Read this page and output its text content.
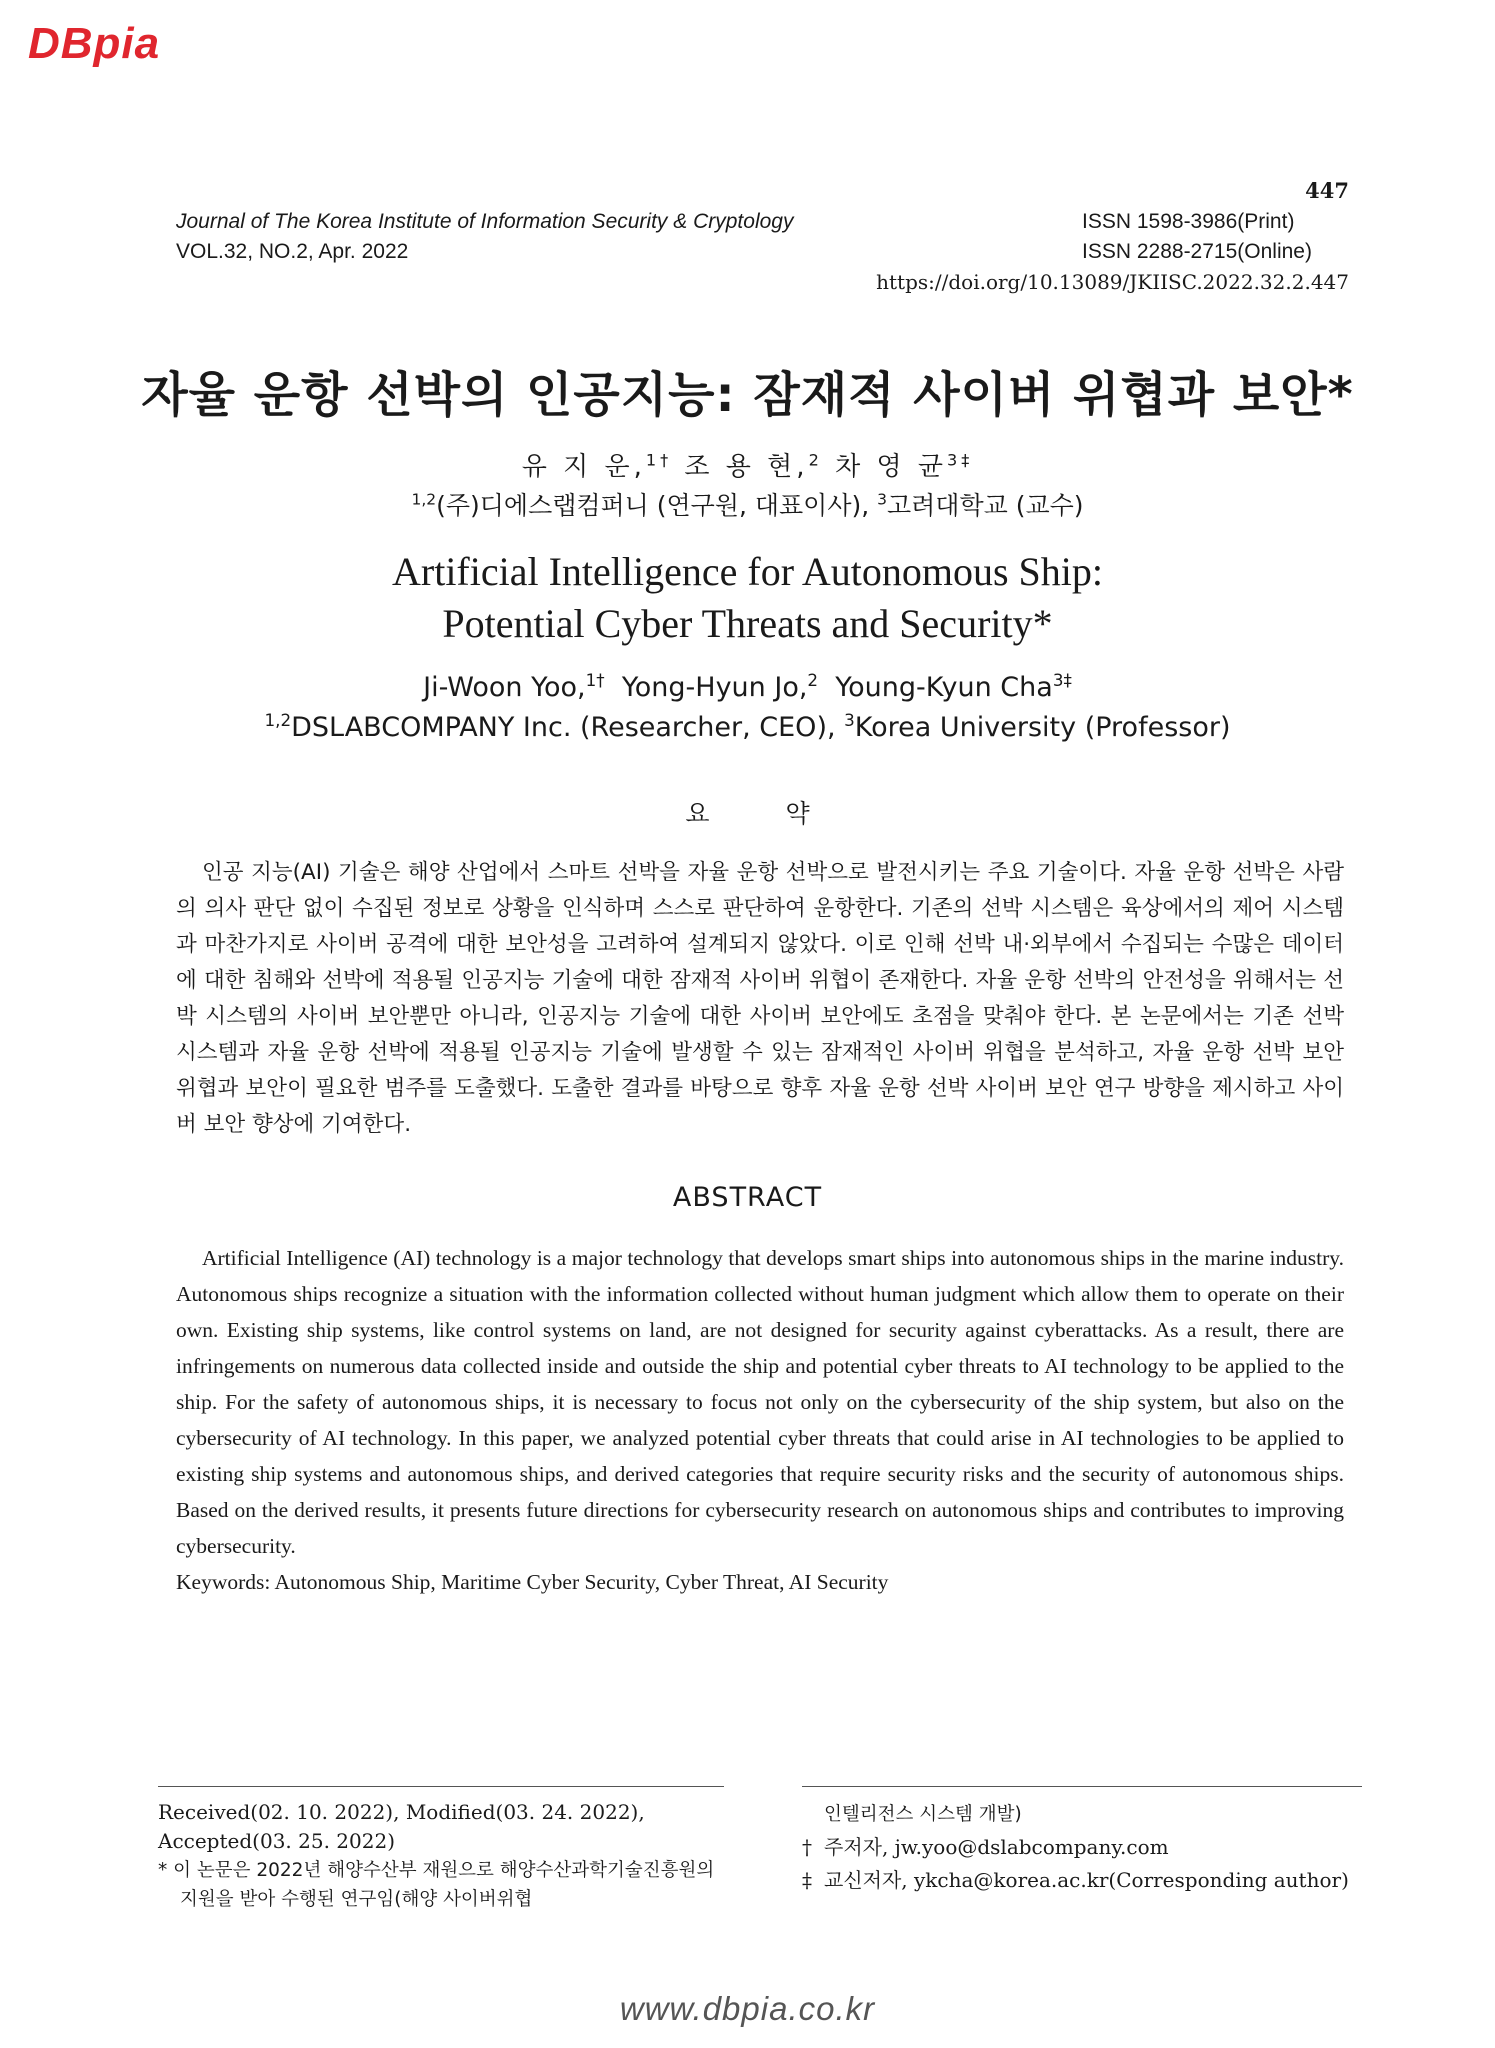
DBpia
447
Journal of The Korea Institute of Information Security & Cryptology
VOL.32, NO.2, Apr. 2022
ISSN 1598-3986(Print)
ISSN 2288-2715(Online)
https://doi.org/10.13089/JKIISC.2022.32.2.447
자율 운항 선박의 인공지능: 잠재적 사이버 위협과 보안*
유 지 운,$^{1\dagger}$ 조 용 현,$^2$ 차 영 균$^{3\ddagger}$
$^{1,2}$(주)디에스랩컴퍼니 (연구원, 대표이사), $^3$고려대학교 (교수)
Artificial Intelligence for Autonomous Ship:
Potential Cyber Threats and Security*
Ji-Woon Yoo,$^{1\dagger}$ Yong-Hyun Jo,$^2$ Young-Kyun Cha$^{3\ddagger}$
$^{1,2}$DSLABCOMPANY Inc. (Researcher, CEO), $^3$Korea University (Professor)
요 약
인공 지능(AI) 기술은 해양 산업에서 스마트 선박을 자율 운항 선박으로 발전시키는 주요 기술이다. 자율 운항 선박은 사람의 의사 판단 없이 수집된 정보로 상황을 인식하며 스스로 판단하여 운항한다. 기존의 선박 시스템은 육상에서의 제어 시스템과 마찬가지로 사이버 공격에 대한 보안성을 고려하여 설계되지 않았다. 이로 인해 선박 내·외부에서 수집되는 수많은 데이터에 대한 침해와 선박에 적용될 인공지능 기술에 대한 잠재적 사이버 위협이 존재한다. 자율 운항 선박의 안전성을 위해서는 선박 시스템의 사이버 보안뿐만 아니라, 인공지능 기술에 대한 사이버 보안에도 초점을 맞춰야 한다. 본 논문에서는 기존 선박 시스템과 자율 운항 선박에 적용될 인공지능 기술에 발생할 수 있는 잠재적인 사이버 위협을 분석하고, 자율 운항 선박 보안 위협과 보안이 필요한 범주를 도출했다. 도출한 결과를 바탕으로 향후 자율 운항 선박 사이버 보안 연구 방향을 제시하고 사이버 보안 향상에 기여한다.
ABSTRACT
Artificial Intelligence (AI) technology is a major technology that develops smart ships into autonomous ships in the marine industry. Autonomous ships recognize a situation with the information collected without human judgment which allow them to operate on their own. Existing ship systems, like control systems on land, are not designed for security against cyberattacks. As a result, there are infringements on numerous data collected inside and outside the ship and potential cyber threats to AI technology to be applied to the ship. For the safety of autonomous ships, it is necessary to focus not only on the cybersecurity of the ship system, but also on the cybersecurity of AI technology. In this paper, we analyzed potential cyber threats that could arise in AI technologies to be applied to existing ship systems and autonomous ships, and derived categories that require security risks and the security of autonomous ships. Based on the derived results, it presents future directions for cybersecurity research on autonomous ships and contributes to improving cybersecurity.
Keywords: Autonomous Ship, Maritime Cyber Security, Cyber Threat, AI Security
Received(02. 10. 2022), Modified(03. 24. 2022),
Accepted(03. 25. 2022)
* 이 논문은 2022년 해양수산부 재원으로 해양수산과학기술진흥원의 지원을 받아 수행된 연구임(해양 사이버위협
인텔리전스 시스템 개발)
† 주저자, jw.yoo@dslabcompany.com
‡ 교신저자, ykcha@korea.ac.kr(Corresponding author)
www.dbpia.co.kr
